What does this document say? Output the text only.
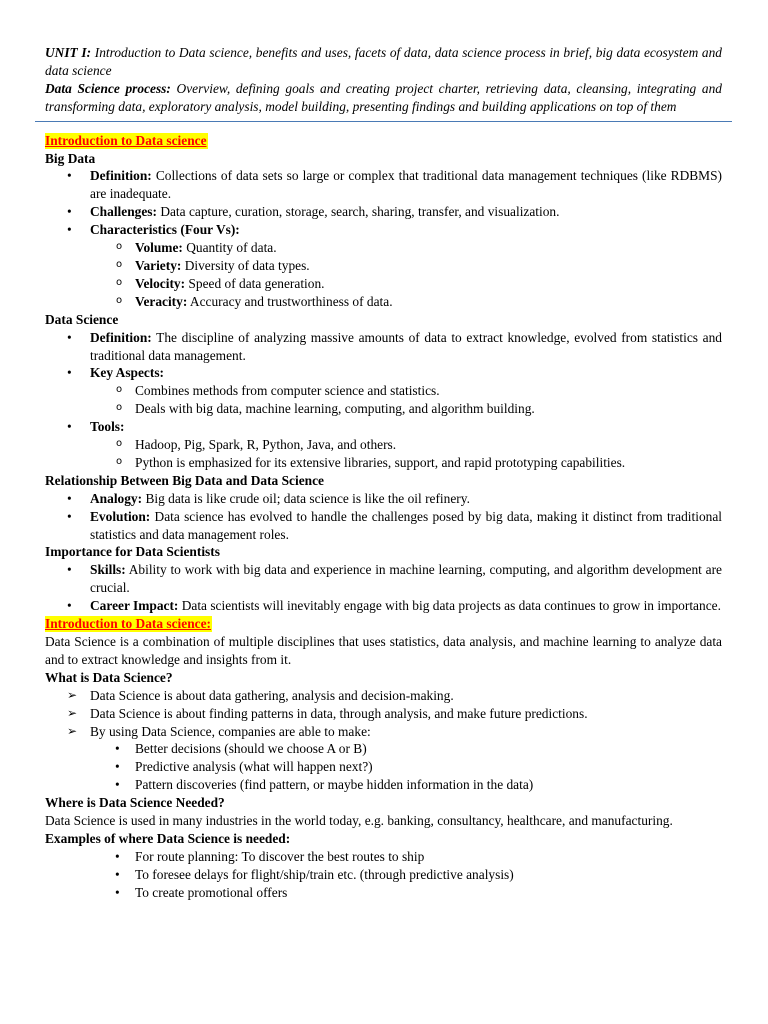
UNIT I: Introduction to Data science, benefits and uses, facets of data, data science process in brief, big data ecosystem and data science
Data Science process: Overview, defining goals and creating project charter, retrieving data, cleansing, integrating and transforming data, exploratory analysis, model building, presenting findings and building applications on top of them
Introduction to Data science
Big Data
• Definition: Collections of data sets so large or complex that traditional data management techniques (like RDBMS) are inadequate.
• Challenges: Data capture, curation, storage, search, sharing, transfer, and visualization.
• Characteristics (Four Vs):
o Volume: Quantity of data.
o Variety: Diversity of data types.
o Velocity: Speed of data generation.
o Veracity: Accuracy and trustworthiness of data.
Data Science
• Definition: The discipline of analyzing massive amounts of data to extract knowledge, evolved from statistics and traditional data management.
• Key Aspects:
o Combines methods from computer science and statistics.
o Deals with big data, machine learning, computing, and algorithm building.
• Tools:
o Hadoop, Pig, Spark, R, Python, Java, and others.
o Python is emphasized for its extensive libraries, support, and rapid prototyping capabilities.
Relationship Between Big Data and Data Science
• Analogy: Big data is like crude oil; data science is like the oil refinery.
• Evolution: Data science has evolved to handle the challenges posed by big data, making it distinct from traditional statistics and data management roles.
Importance for Data Scientists
• Skills: Ability to work with big data and experience in machine learning, computing, and algorithm development are crucial.
• Career Impact: Data scientists will inevitably engage with big data projects as data continues to grow in importance.
Introduction to Data science:
Data Science is a combination of multiple disciplines that uses statistics, data analysis, and machine learning to analyze data and to extract knowledge and insights from it.
What is Data Science?
➢ Data Science is about data gathering, analysis and decision-making.
➢ Data Science is about finding patterns in data, through analysis, and make future predictions.
➢ By using Data Science, companies are able to make:
• Better decisions (should we choose A or B)
• Predictive analysis (what will happen next?)
• Pattern discoveries (find pattern, or maybe hidden information in the data)
Where is Data Science Needed?
Data Science is used in many industries in the world today, e.g. banking, consultancy, healthcare, and manufacturing.
Examples of where Data Science is needed:
• For route planning: To discover the best routes to ship
• To foresee delays for flight/ship/train etc. (through predictive analysis)
• To create promotional offers
